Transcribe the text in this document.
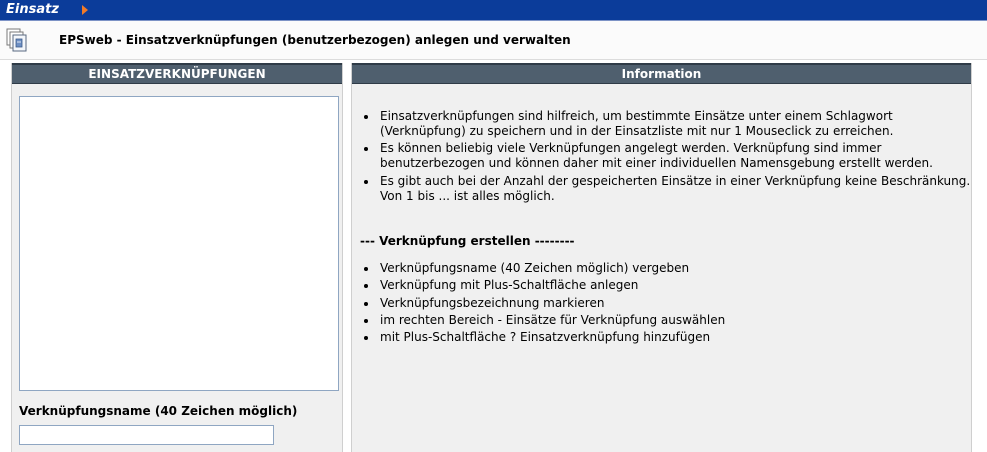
Einsatz
EPSweb - Einsatzverknüpfungen (benutzerbezogen) anlegen und verwalten
EINSATZVERKNÜPFUNGEN
Verknüpfungsname (40 Zeichen möglich)
Information
• Einsatzverknüpfungen sind hilfreich, um bestimmte Einsätze unter einem Schlagwort (Verknüpfung) zu speichern und in der Einsatzliste mit nur 1 Mouseclick zu erreichen.
• Es können beliebig viele Verknüpfungen angelegt werden. Verknüpfung sind immer benutzerbezogen und können daher mit einer individuellen Namensgebung erstellt werden.
• Es gibt auch bei der Anzahl der gespeicherten Einsätze in einer Verknüpfung keine Beschränkung. Von 1 bis ... ist alles möglich.
--- Verknüpfung erstellen --------
• Verknüpfungsname (40 Zeichen möglich) vergeben
• Verknüpfung mit Plus-Schaltfläche anlegen
• Verknüpfungsbezeichnung markieren
• im rechten Bereich - Einsätze für Verknüpfung auswählen
• mit Plus-Schaltfläche ? Einsatzverknüpfung hinzufügen
